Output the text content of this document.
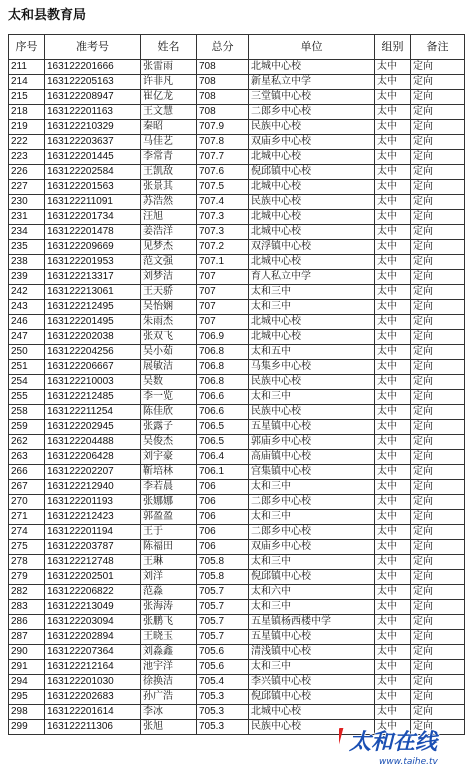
太和县教育局
序号	准考号	姓名	总分	单位	组别	备注
211	163122201666	张雷雨	708	北城中心校	太中	定向
214	163122205163	许非凡	708	新星私立中学	太中	定向
215	163122208947	崔亿龙	708	三堂镇中心校	太中	定向
218	163122201163	王文慧	708	二郎乡中心校	太中	定向
219	163122210329	秦昭	707.9	民族中心校	太中	定向
222	163122203637	马佳艺	707.8	双庙乡中心校	太中	定向
223	163122201445	李常青	707.7	北城中心校	太中	定向
226	163122202584	王凯敌	707.6	倪邱镇中心校	太中	定向
227	163122201563	张景其	707.5	北城中心校	太中	定向
230	163122211091	苏浩然	707.4	民族中心校	太中	定向
231	163122201734	汪旭	707.3	北城中心校	太中	定向
234	163122201478	姜浩洋	707.3	北城中心校	太中	定向
235	163122209669	见梦杰	707.2	双浮镇中心校	太中	定向
238	163122201953	范文强	707.1	北城中心校	太中	定向
239	163122213317	刘梦洁	707	育人私立中学	太中	定向
242	163122213061	王天骄	707	太和三中	太中	定向
243	163122212495	吴怡娴	707	太和三中	太中	定向
246	163122201495	朱雨杰	707	北城中心校	太中	定向
247	163122202038	张双飞	706.9	北城中心校	太中	定向
250	163122204256	吴小茹	706.8	太和五中	太中	定向
251	163122206667	展敏洁	706.8	马集乡中心校	太中	定向
254	163122210003	吴数	706.8	民族中心校	太中	定向
255	163122212485	李一览	706.6	太和三中	太中	定向
258	163122211254	陈佳欣	706.6	民族中心校	太中	定向
259	163122202945	张露子	706.5	五星镇中心校	太中	定向
262	163122204488	吴俊杰	706.5	郭庙乡中心校	太中	定向
263	163122206428	刘宇豪	706.4	高庙镇中心校	太中	定向
266	163122202207	靳培林	706.1	宫集镇中心校	太中	定向
267	163122212940	李若晨	706	太和三中	太中	定向
270	163122201193	张娜娜	706	二郎乡中心校	太中	定向
271	163122212423	郭盈盈	706	太和三中	太中	定向
274	163122201194	王于	706	二郎乡中心校	太中	定向
275	163122203787	陈福田	706	双庙乡中心校	太中	定向
278	163122212748	王琳	705.8	太和三中	太中	定向
279	163122202501	刘洋	705.8	倪邱镇中心校	太中	定向
282	163122206822	范淼	705.7	太和六中	太中	定向
283	163122213049	张海涛	705.7	太和三中	太中	定向
286	163122203094	张鹏飞	705.7	五星镇杨西楼中学	太中	定向
287	163122202894	王晓玉	705.7	五星镇中心校	太中	定向
290	163122207364	刘淼鑫	705.6	清浅镇中心校	太中	定向
291	163122212164	池宇洋	705.6	太和三中	太中	定向
294	163122201030	徐换洁	705.4	李兴镇中心校	太中	定向
295	163122202683	孙广浩	705.3	倪邱镇中心校	太中	定向
298	163122201614	李冰	705.3	北城中心校	太中	定向
299	163122211306	张旭	705.3	民族中心校	太中	定向
太和在线
www.taihe.tv
